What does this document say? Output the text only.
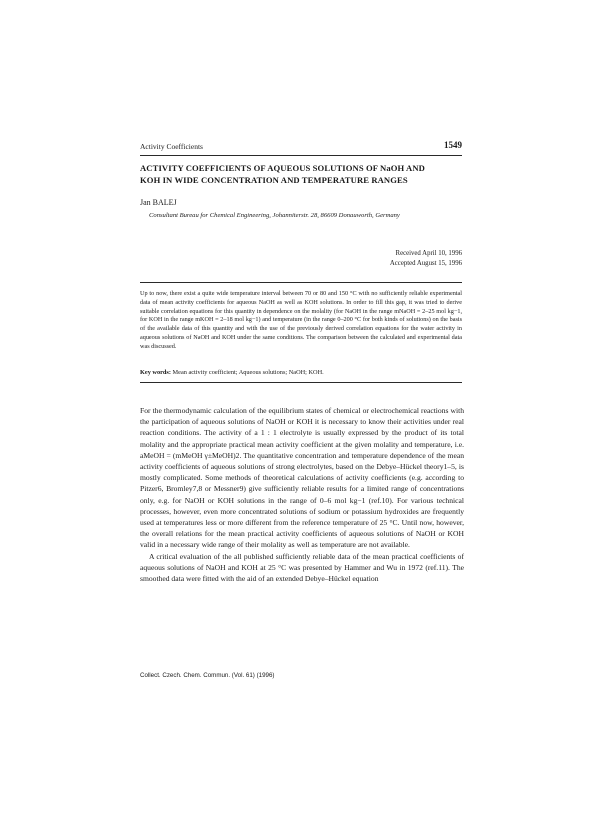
Activity Coefficients	1549
ACTIVITY COEFFICIENTS OF AQUEOUS SOLUTIONS OF NaOH AND
KOH IN WIDE CONCENTRATION AND TEMPERATURE RANGES
Jan BALEJ
Consultant Bureau for Chemical Engineering, Johanniterstr. 28, 86609 Donauworth, Germany
Received April 10, 1996
Accepted August 15, 1996

Up to now, there exist a quite wide temperature interval between 70 or 80 and 150 °C with no sufficiently reliable experimental data of mean activity coefficients for aqueous NaOH as well as KOH solutions. In order to fill this gap, it was tried to derive suitable correlation equations for this quantity in dependence on the molality (for NaOH in the range mNaOH = 2–25 mol kg−1, for KOH in the range mKOH = 2–18 mol kg−1) and temperature (in the range 0–200 °C for both kinds of solutions) on the basis of the available data of this quantity and with the use of the previously derived correlation equations for the water activity in aqueous solutions of NaOH and KOH under the same conditions. The comparison between the calculated and experimental data was discussed.

Key words: Mean activity coefficient; Aqueous solutions; NaOH; KOH.

For the thermodynamic calculation of the equilibrium states of chemical or electrochemical reactions with the participation of aqueous solutions of NaOH or KOH it is necessary to know their activities under real reaction conditions. The activity of a 1 : 1 electrolyte is usually expressed by the product of its total molality and the appropriate practical mean activity coefficient at the given molality and temperature, i.e. aMeOH = (mMeOH γ±MeOH)2. The quantitative concentration and temperature dependence of the mean activity coefficients of aqueous solutions of strong electrolytes, based on the Debye–Hückel theory1–5, is mostly complicated. Some methods of theoretical calculations of activity coefficients (e.g. according to Pitzer6, Bromley7,8 or Messner9) give sufficiently reliable results for a limited range of concentrations only, e.g. for NaOH or KOH solutions in the range of 0–6 mol kg−1 (ref.10). For various technical processes, however, even more concentrated solutions of sodium or potassium hydroxides are frequently used at temperatures less or more different from the reference temperature of 25 °C. Until now, however, the overall relations for the mean practical activity coefficients of aqueous solutions of NaOH or KOH valid in a necessary wide range of their molality as well as temperature are not available.

A critical evaluation of the all published sufficiently reliable data of the mean practical coefficients of aqueous solutions of NaOH and KOH at 25 °C was presented by Hammer and Wu in 1972 (ref.11). The smoothed data were fitted with the aid of an extended Debye–Hückel equation

Collect. Czech. Chem. Commun. (Vol. 61) (1996)
